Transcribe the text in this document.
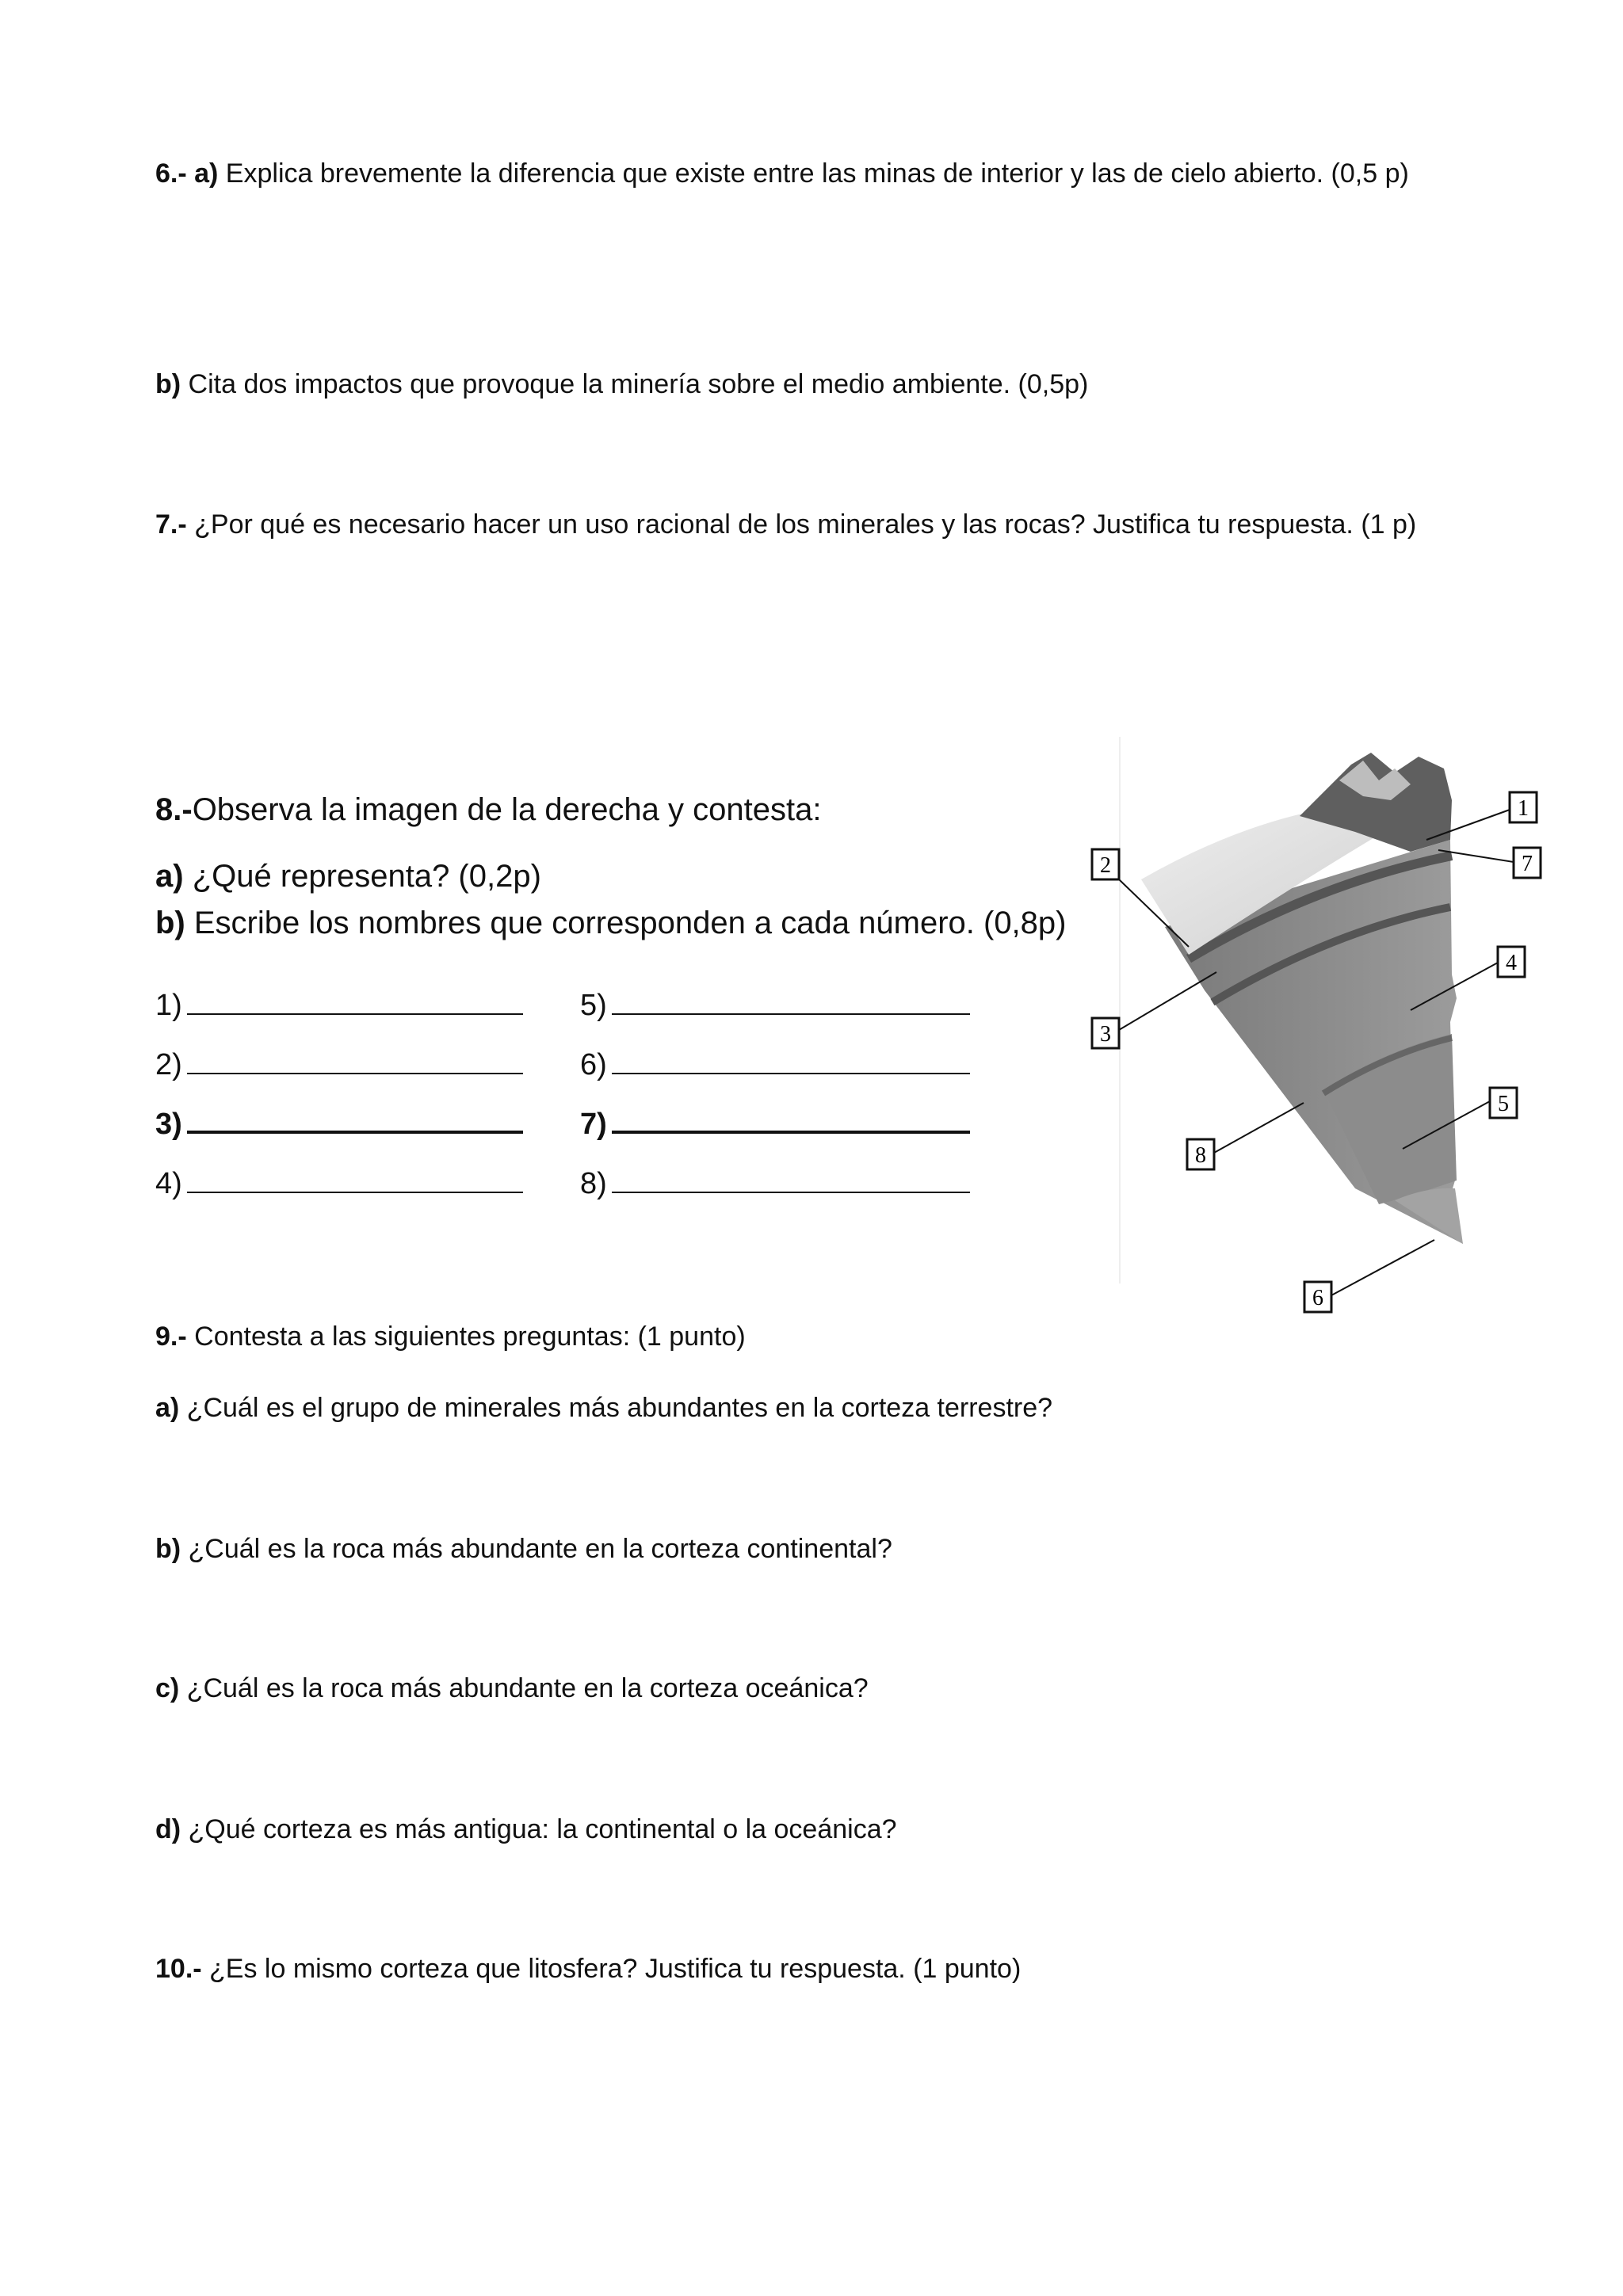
6.- a) Explica brevemente la diferencia que existe entre las minas de interior y las de cielo abierto. (0,5 p)
b) Cita dos impactos que provoque la minería sobre el medio ambiente. (0,5p)
7.- ¿Por qué es necesario hacer un uso racional de los minerales y las rocas? Justifica tu respuesta. (1 p)
8.-Observa la imagen de la derecha y contesta:
a) ¿Qué representa? (0,2p)
b) Escribe los nombres que corresponden a cada número. (0,8p)
1)
2)
3)
4)
5)
6)
7)
8)
1
2
3
4
5
6
7
8
9.- Contesta a las siguientes preguntas: (1 punto)
a) ¿Cuál es el grupo de minerales más abundantes en la corteza terrestre?
b) ¿Cuál es la roca más abundante en la corteza continental?
c) ¿Cuál es la roca más abundante en la corteza oceánica?
d) ¿Qué corteza es más antigua: la continental o la oceánica?
10.- ¿Es lo mismo corteza que litosfera? Justifica tu respuesta. (1 punto)
